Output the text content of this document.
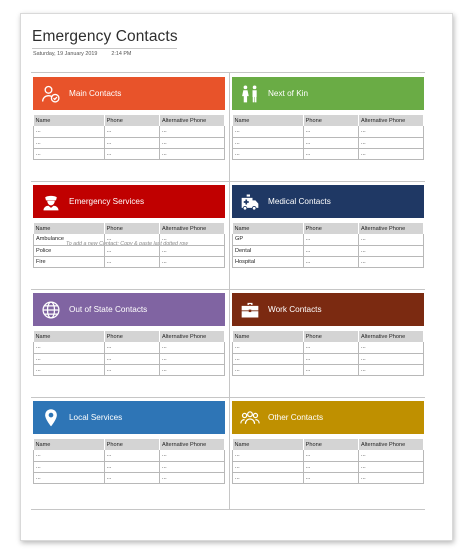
Emergency Contacts
Saturday, 19 January 2019	2:14 PM
To add a new Contact: Copy & paste last dotted row
Main Contacts
Name	Phone	Alternative Phone
...	...	...
...	...	...
...	...	...
Next of Kin
Name	Phone	Alternative Phone
...	...	...
...	...	...
...	...	...
Emergency Services
Name	Phone	Alternative Phone
Ambulance	...	...
Police	...	...
Fire	...	...
Medical Contacts
Name	Phone	Alternative Phone
GP	...	...
Dental	...	...
Hospital	...	...
Out of State Contacts
Name	Phone	Alternative Phone
...	...	...
...	...	...
...	...	...
Work Contacts
Name	Phone	Alternative Phone
...	...	...
...	...	...
...	...	...
Local Services
Name	Phone	Alternative Phone
...	...	...
...	...	...
...	...	...
Other Contacts
Name	Phone	Alternative Phone
...	...	...
...	...	...
...	...	...
